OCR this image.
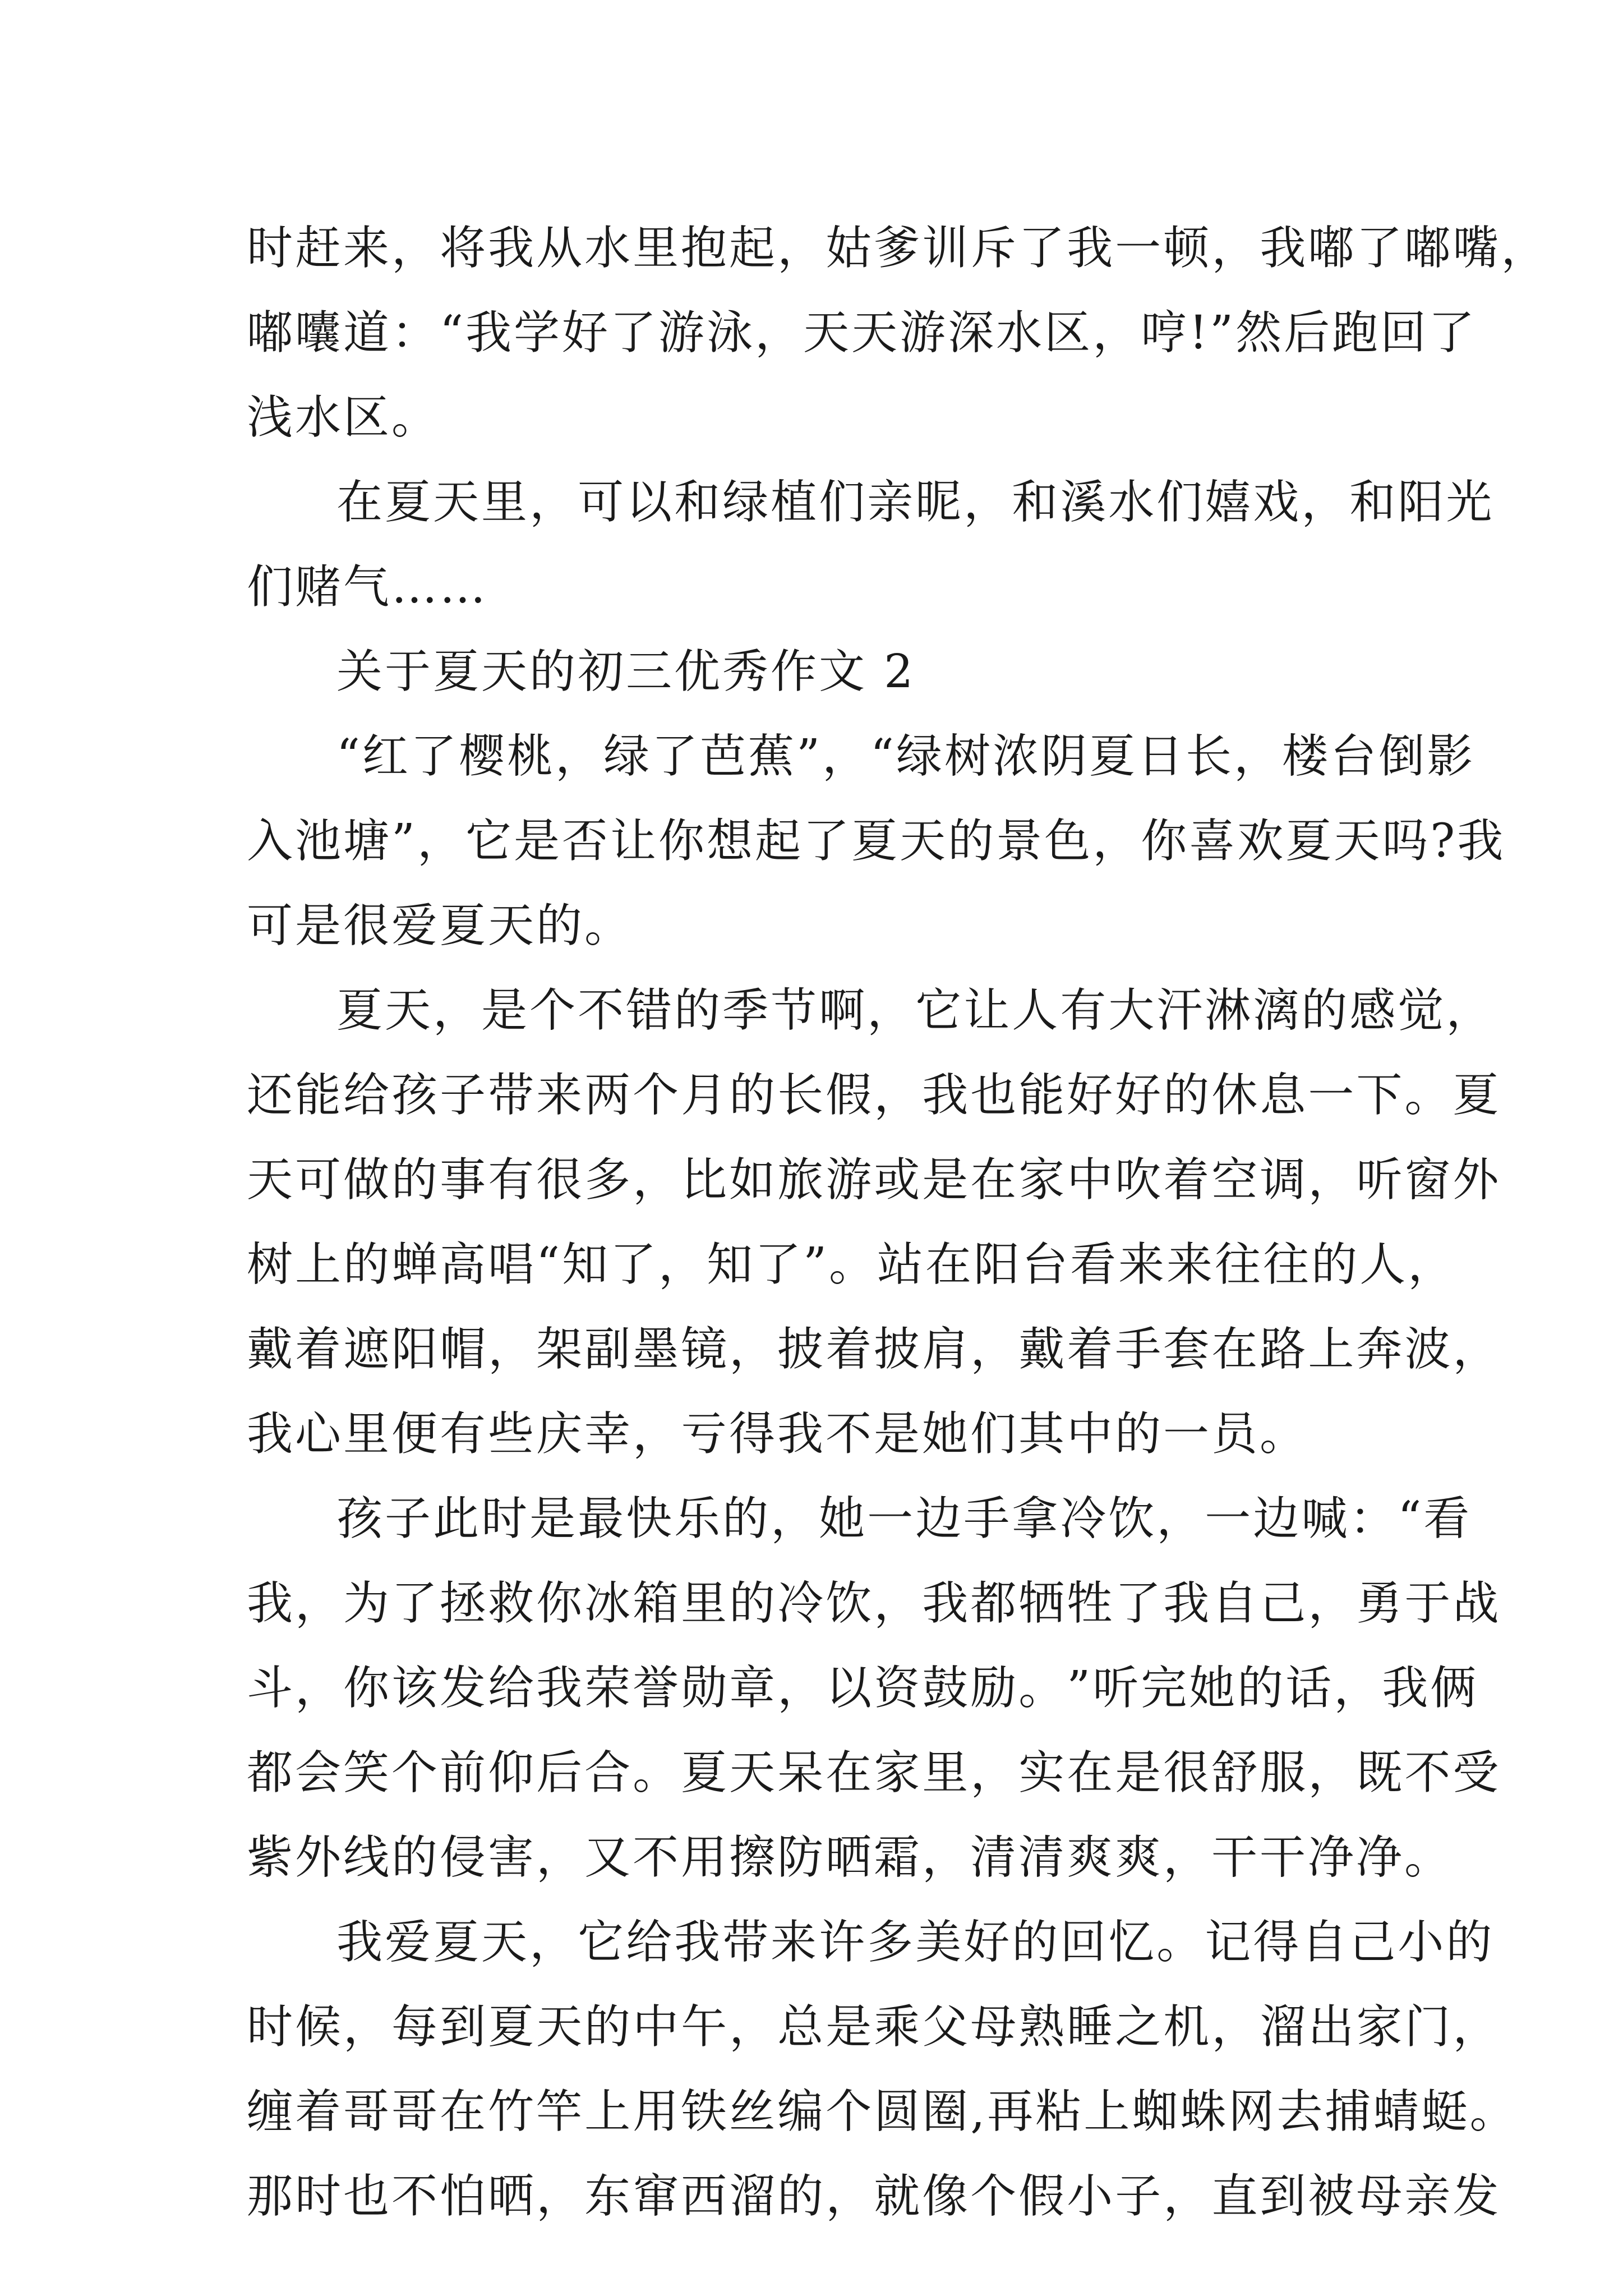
时 赶 来 ， 将 我 从 水 里 抱 起 ， 姑 爹 训 斥 了 我 一 顿 ， 我 嘟 了 嘟 嘴 ，
嘟 囔 道 ： “ 我 学 好 了 游 泳 ， 天 天 游 深 水 区 ， 哼 ! ” 然 后 跑 回 了
浅水区。
在 夏 天 里 ， 可 以 和 绿 植 们 亲 昵 ， 和 溪 水 们 嬉 戏 ， 和 阳 光
们赌气……
关于夏天的初三优秀作文 2
“ 红 了 樱 桃 ， 绿 了 芭 蕉 ” ， “ 绿 树 浓 阴 夏 日 长 ， 楼 台 倒 影
入 池 塘 ” ， 它 是 否 让 你 想 起 了 夏 天 的 景 色 ， 你 喜 欢 夏 天 吗 ? 我
可是很爱夏天的。
夏 天 ， 是 个 不 错 的 季 节 啊 ， 它 让 人 有 大 汗 淋 漓 的 感 觉 ，
还 能 给 孩 子 带 来 两 个 月 的 长 假 ， 我 也 能 好 好 的 休 息 一 下 。 夏
天 可 做 的 事 有 很 多 ， 比 如 旅 游 或 是 在 家 中 吹 着 空 调 ， 听 窗 外
树 上 的 蝉 高 唱 “ 知 了 ， 知 了 ” 。 站 在 阳 台 看 来 来 往 往 的 人 ，
戴 着 遮 阳 帽 ， 架 副 墨 镜 ， 披 着 披 肩 ， 戴 着 手 套 在 路 上 奔 波 ，
我心里便有些庆幸，亏得我不是她们其中的一员。
孩 子 此 时 是 最 快 乐 的 ， 她 一 边 手 拿 冷 饮 ， 一 边 喊 ： “ 看
我 ， 为 了 拯 救 你 冰 箱 里 的 冷 饮 ， 我 都 牺 牲 了 我 自 己 ， 勇 于 战
斗 ， 你 该 发 给 我 荣 誉 勋 章 ， 以 资 鼓 励 。 ” 听 完 她 的 话 ， 我 俩
都 会 笑 个 前 仰 后 合 。 夏 天 呆 在 家 里 ， 实 在 是 很 舒 服 ， 既 不 受
紫外线的侵害，又不用擦防晒霜，清清爽爽，干干净净。
我 爱 夏 天 ， 它 给 我 带 来 许 多 美 好 的 回 忆 。 记 得 自 己 小 的
时 候 ， 每 到 夏 天 的 中 午 ， 总 是 乘 父 母 熟 睡 之 机 ， 溜 出 家 门 ，
缠 着 哥 哥 在 竹 竿 上 用 铁 丝 编 个 圆 圈 , 再 粘 上 蜘 蛛 网 去 捕 蜻 蜓 。
那 时 也 不 怕 晒 ， 东 窜 西 溜 的 ， 就 像 个 假 小 子 ， 直 到 被 母 亲 发
